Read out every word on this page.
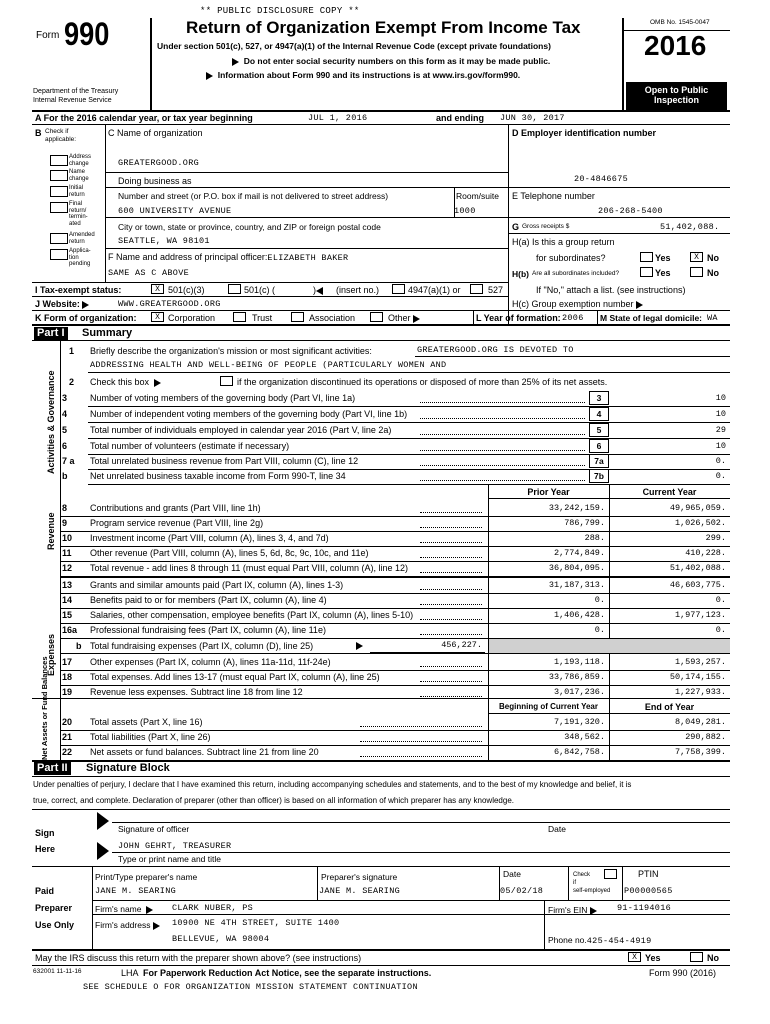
** PUBLIC DISCLOSURE COPY **
Form 990
Department of the Treasury
Internal Revenue Service
Return of Organization Exempt From Income Tax
Under section 501(c), 527, or 4947(a)(1) of the Internal Revenue Code (except private foundations)
Do not enter social security numbers on this form as it may be made public.
Information about Form 990 and its instructions is at www.irs.gov/form990.
OMB No. 1545-0047
2016
Open to Public
Inspection
A For the 2016 calendar year, or tax year beginning	JUL 1, 2016	and ending JUN 30, 2017
B Check if
applicable:
Address change
Name change
Initial return
Final return/ termin- ated
Amended return
Applica- tion pending
C Name of organization
GREATERGOOD.ORG
Doing business as
Number and street (or P.O. box if mail is not delivered to street address)	Room/suite
600 UNIVERSITY AVENUE	1000
City or town, state or province, country, and ZIP or foreign postal code
SEATTLE, WA 98101
F Name and address of principal officer:ELIZABETH BAKER
SAME AS C ABOVE
D Employer identification number
20-4846675
E Telephone number
206-268-5400
G Gross receipts $	51,402,088.
H(a) Is this a group return
for subordinates?	Yes	X No
H(b) Are all subordinates included?	Yes	No
If "No," attach a list. (see instructions)
H(c) Group exemption number
I Tax-exempt status:	X 501(c)(3)	501(c) (	)	(insert no.)	4947(a)(1) or	527
J Website:	WWW.GREATERGOOD.ORG
K Form of organization:	X Corporation	Trust	Association	Other	L Year of formation: 2006 M State of legal domicile: WA
Part I Summary
Activities & Governance
Revenue
Expenses
Net Assets or Fund Balances
1 Briefly describe the organization's mission or most significant activities:	GREATERGOOD.ORG IS DEVOTED TO
ADDRESSING HEALTH AND WELL-BEING OF PEOPLE (PARTICULARLY WOMEN AND
2 Check this box	if the organization discontinued its operations or disposed of more than 25% of its net assets.
3	Number of voting members of the governing body (Part VI, line 1a)	3	10
4	Number of independent voting members of the governing body (Part VI, line 1b)	4	10
5	Total number of individuals employed in calendar year 2016 (Part V, line 2a)	5	29
6	Total number of volunteers (estimate if necessary)	6	10
7 a	Total unrelated business revenue from Part VIII, column (C), line 12	7a	0.
b	Net unrelated business taxable income from Form 990-T, line 34	7b	0.
Prior Year	Current Year
8	Contributions and grants (Part VIII, line 1h)	33,242,159.	49,965,059.
9	Program service revenue (Part VIII, line 2g)	786,799.	1,026,502.
10	Investment income (Part VIII, column (A), lines 3, 4, and 7d)	288.	299.
11	Other revenue (Part VIII, column (A), lines 5, 6d, 8c, 9c, 10c, and 11e)	2,774,849.	410,228.
12	Total revenue - add lines 8 through 11 (must equal Part VIII, column (A), line 12)	36,804,095.	51,402,088.
13	Grants and similar amounts paid (Part IX, column (A), lines 1-3)	31,187,313.	46,603,775.
14	Benefits paid to or for members (Part IX, column (A), line 4)	0.	0.
15	Salaries, other compensation, employee benefits (Part IX, column (A), lines 5-10)	1,406,428.	1,977,123.
16a	Professional fundraising fees (Part IX, column (A), line 11e)	0.	0.
b Total fundraising expenses (Part IX, column (D), line 25)	456,227.
17	Other expenses (Part IX, column (A), lines 11a-11d, 11f-24e)	1,193,118.	1,593,257.
18	Total expenses. Add lines 13-17 (must equal Part IX, column (A), line 25)	33,786,859.	50,174,155.
19	Revenue less expenses. Subtract line 18 from line 12	3,017,236.	1,227,933.
Beginning of Current Year	End of Year
20	Total assets (Part X, line 16)	7,191,320.	8,049,281.
21	Total liabilities (Part X, line 26)	348,562.	290,882.
22	Net assets or fund balances. Subtract line 21 from line 20	6,842,758.	7,758,399.
Part II Signature Block
Under penalties of perjury, I declare that I have examined this return, including accompanying schedules and statements, and to the best of my knowledge and belief, it is
true, correct, and complete. Declaration of preparer (other than officer) is based on all information of which preparer has any knowledge.
Sign
Here
Signature of officer	Date
JOHN GEHRT, TREASURER
Type or print name and title
Paid
Preparer
Use Only
Print/Type preparer's name	Preparer's signature	Date	Check
if
self-employed
PTIN
JANE M. SEARING	JANE M. SEARING	05/02/18	P00000565
Firm's name	CLARK NUBER, PS	Firm's EIN	91-1194016
Firm's address	10900 NE 4TH STREET, SUITE 1400
BELLEVUE, WA 98004	Phone no.425-454-4919
May the IRS discuss this return with the preparer shown above? (see instructions)	X Yes	No
632001 11-11-16	LHA For Paperwork Reduction Act Notice, see the separate instructions.	Form 990 (2016)
SEE SCHEDULE O FOR ORGANIZATION MISSION STATEMENT CONTINUATION
